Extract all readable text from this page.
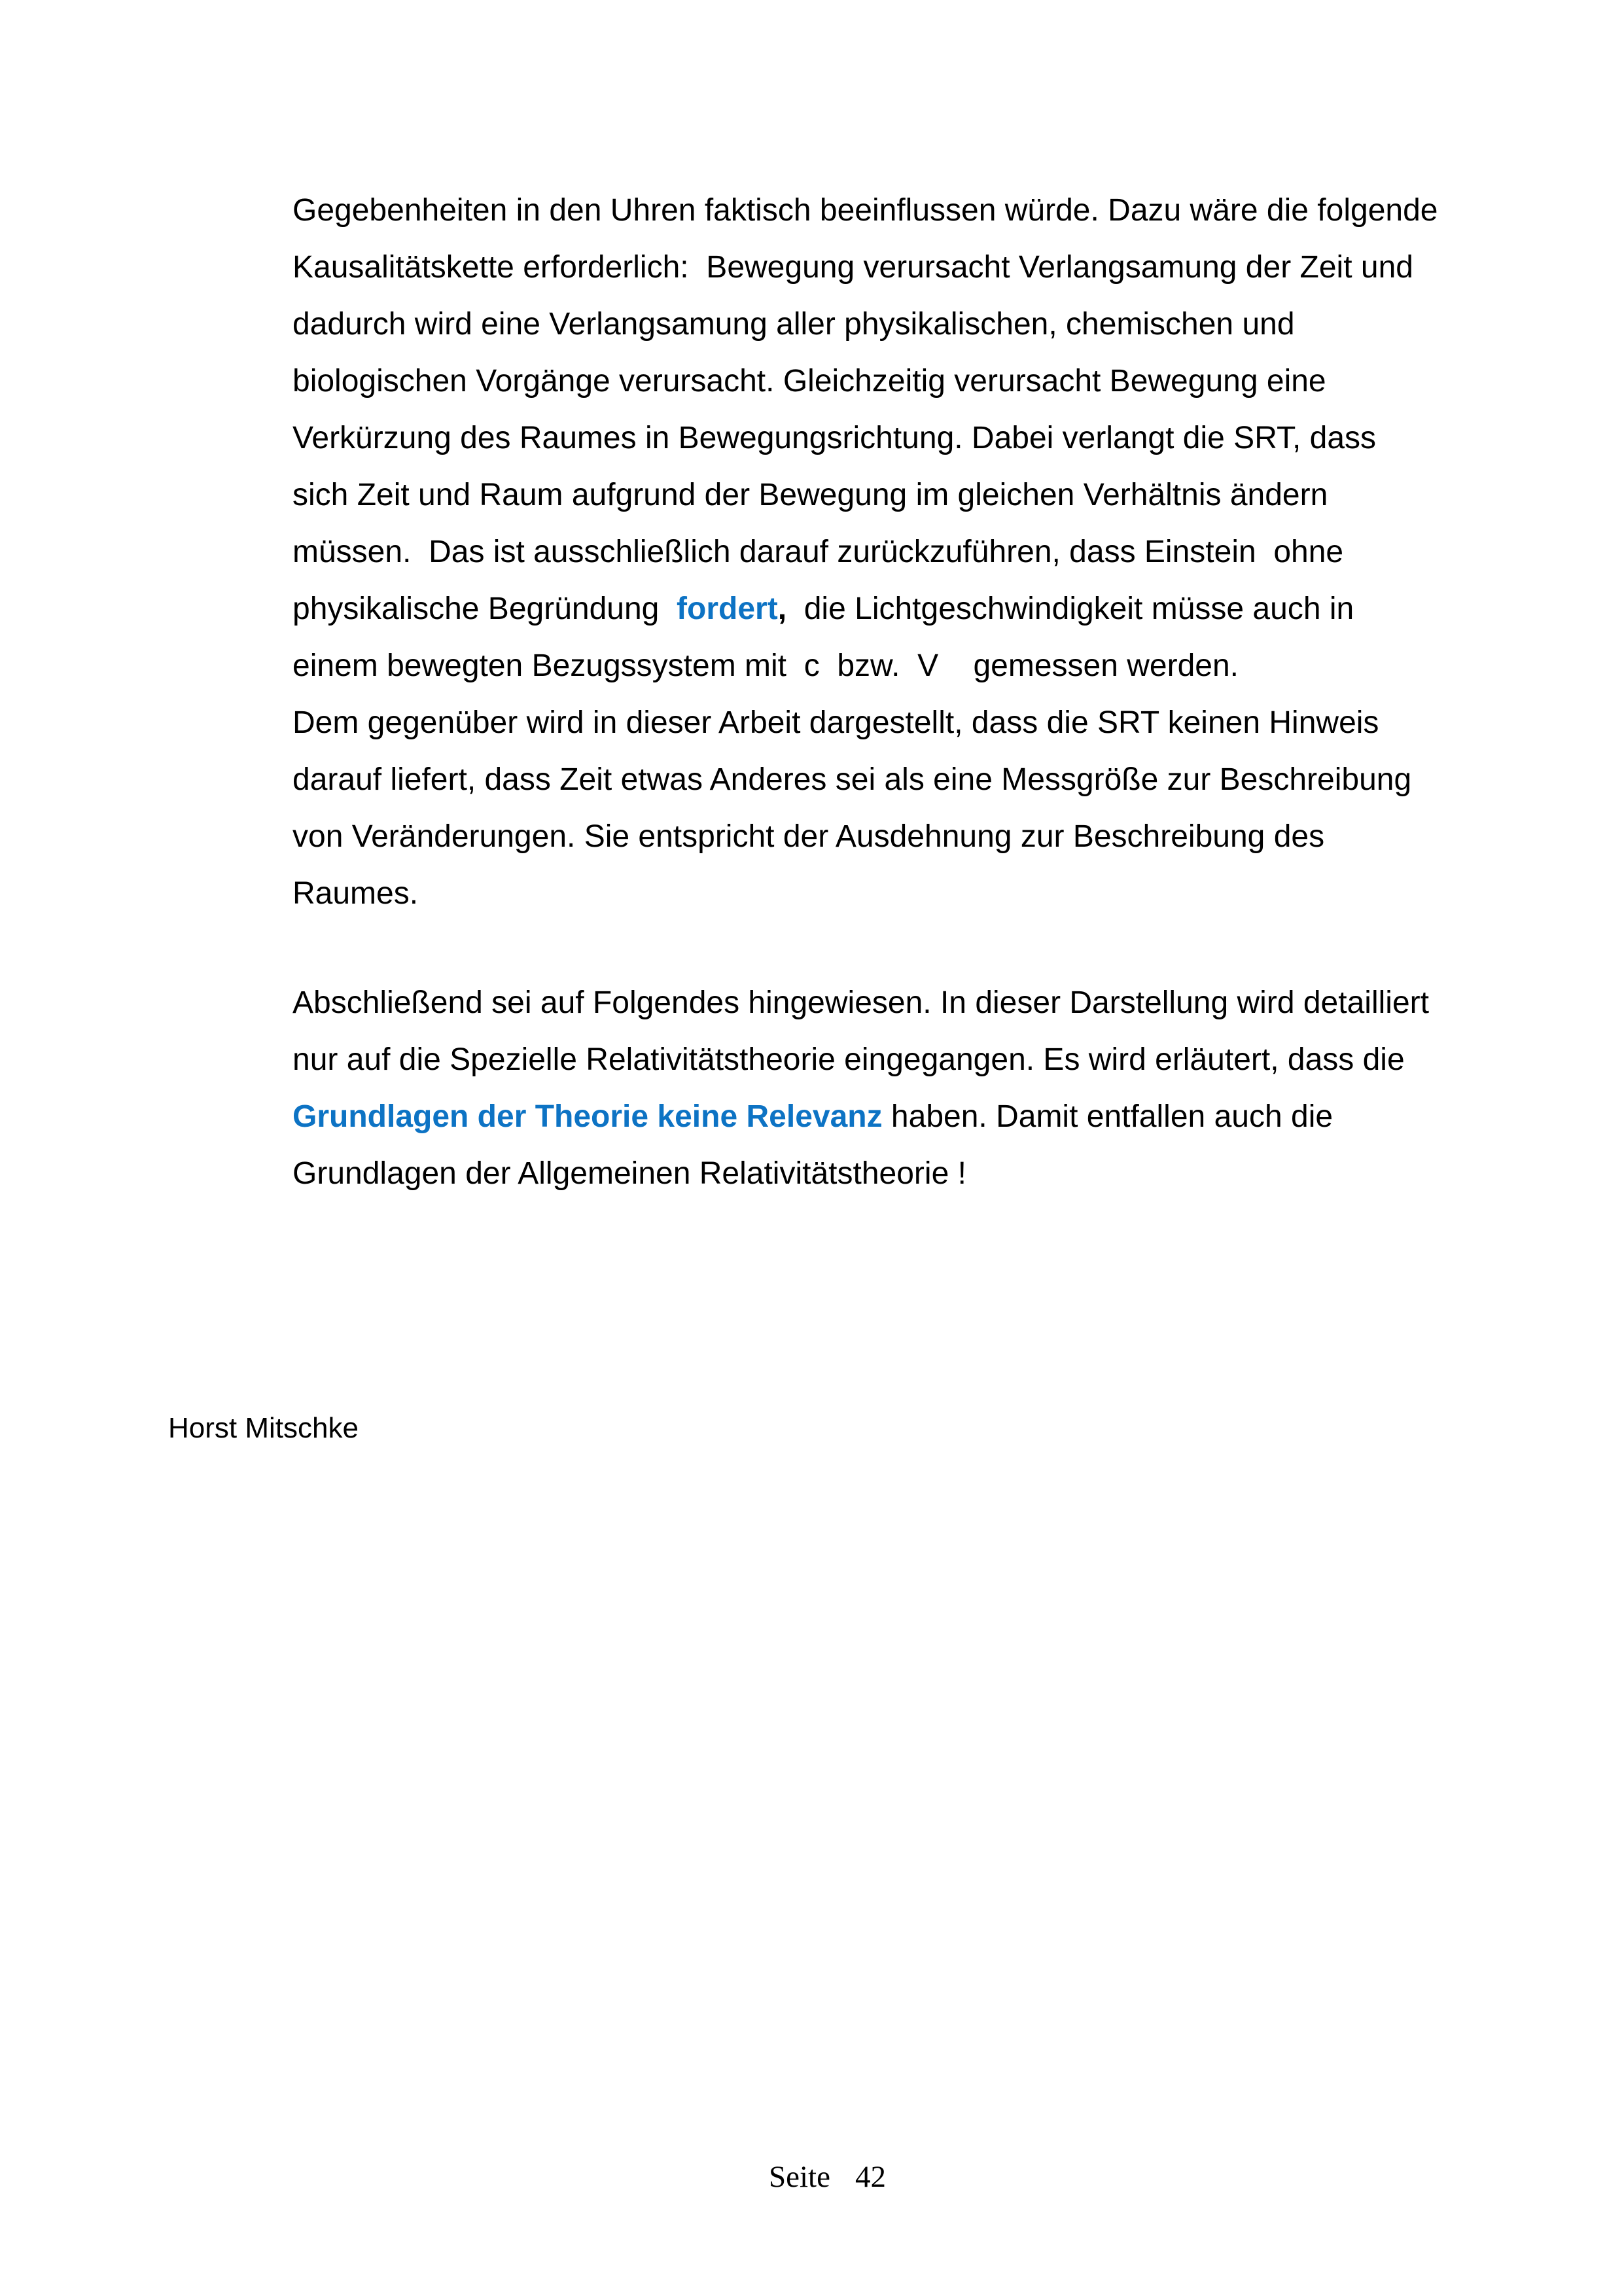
Gegebenheiten in den Uhren faktisch beeinflussen würde. Dazu wäre die folgende
Kausalitätskette erforderlich:  Bewegung verursacht Verlangsamung der Zeit und
dadurch wird eine Verlangsamung aller physikalischen, chemischen und
biologischen Vorgänge verursacht. Gleichzeitig verursacht Bewegung eine
Verkürzung des Raumes in Bewegungsrichtung. Dabei verlangt die SRT, dass
sich Zeit und Raum aufgrund der Bewegung im gleichen Verhältnis ändern
müssen.  Das ist ausschließlich darauf zurückzuführen, dass Einstein  ohne
physikalische Begründung  fordert,  die Lichtgeschwindigkeit müsse auch in
einem bewegten Bezugssystem mit  c  bzw.  V    gemessen werden.
Dem gegenüber wird in dieser Arbeit dargestellt, dass die SRT keinen Hinweis
darauf liefert, dass Zeit etwas Anderes sei als eine Messgröße zur Beschreibung
von Veränderungen. Sie entspricht der Ausdehnung zur Beschreibung des
Raumes.
Abschließend sei auf Folgendes hingewiesen. In dieser Darstellung wird detailliert
nur auf die Spezielle Relativitätstheorie eingegangen. Es wird erläutert, dass die
Grundlagen der Theorie keine Relevanz haben. Damit entfallen auch die
Grundlagen der Allgemeinen Relativitätstheorie !
Horst Mitschke

Seite 42
